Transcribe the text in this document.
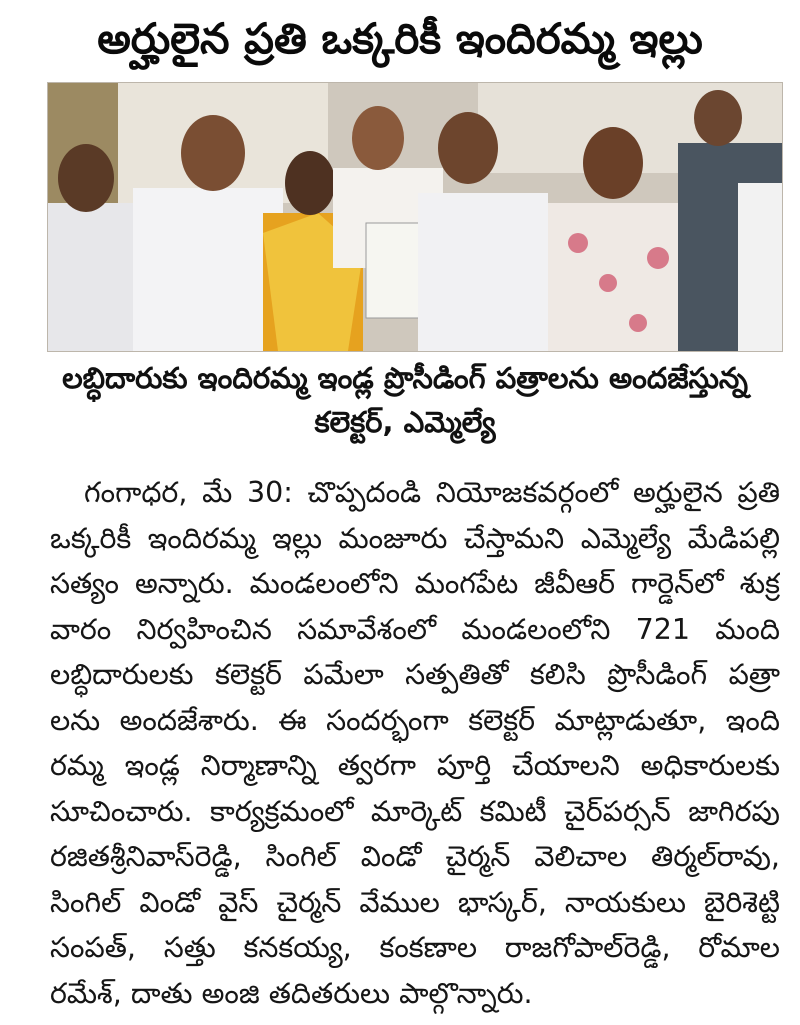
అర్హులైన ప్రతి ఒక్కరికీ ఇందిరమ్మ ఇల్లు
లబ్ధిదారుకు ఇందిరమ్మ ఇండ్ల ప్రొసీడింగ్ పత్రాలను అందజేస్తున్న కలెక్టర్, ఎమ్మెల్యే
గంగాధర, మే 30: చొప్పదండి నియోజకవర్గంలో అర్హులైన ప్రతి
ఒక్కరికీ ఇందిరమ్మ ఇల్లు మంజూరు చేస్తామని ఎమ్మెల్యే మేడిపల్లి
సత్యం అన్నారు. మండలంలోని మంగపేట జీవీఆర్ గార్డెన్‌లో శుక్ర
వారం నిర్వహించిన సమావేశంలో మండలంలోని 721 మంది
లబ్ధిదారులకు కలెక్టర్ పమేలా సత్పతితో కలిసి ప్రొసీడింగ్ పత్రా
లను అందజేశారు. ఈ సందర్భంగా కలెక్టర్ మాట్లాడుతూ, ఇంది
రమ్మ ఇండ్ల నిర్మాణాన్ని త్వరగా పూర్తి చేయాలని అధికారులకు
సూచించారు. కార్యక్రమంలో మార్కెట్ కమిటీ చైర్‌పర్సన్ జాగిరపు
రజితశ్రీనివాస్‌రెడ్డి, సింగిల్ విండో చైర్మన్ వెలిచాల తిర్మల్‌రావు,
సింగిల్ విండో వైస్ చైర్మన్ వేముల భాస్కర్, నాయకులు బైరిశెట్టి
సంపత్, సత్తు కనకయ్య, కంకణాల రాజగోపాల్‌రెడ్డి, రోమాల
రమేశ్, దాతు అంజి తదితరులు పాల్గొన్నారు.
